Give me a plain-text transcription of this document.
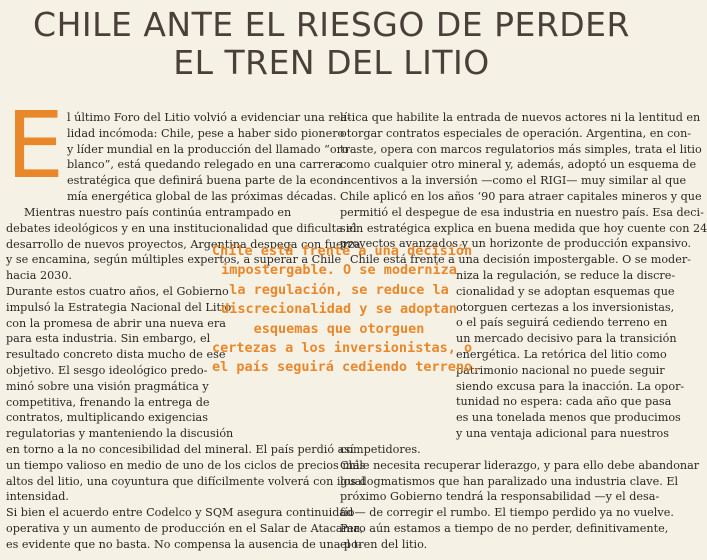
CHILE ANTE EL RIESGO DE PERDER
EL TREN DEL LITIO
E l último Foro del Litio volvió a evidenciar una rea-
lidad incómoda: Chile, pese a haber sido pionero
y líder mundial en la producción del llamado “oro
blanco”, está quedando relegado en una carrera
estratégica que definirá buena parte de la econo-
mía energética global de las próximas décadas.
Mientras nuestro país continúa entrampado en
debates ideológicos y en una institucionalidad que dificulta el
desarrollo de nuevos proyectos, Argentina despega con fuerza
y se encamina, según múltiples expertos, a superar a Chile
hacia 2030.
Durante estos cuatro años, el Gobierno
impulsó la Estrategia Nacional del Litio
con la promesa de abrir una nueva era
para esta industria. Sin embargo, el
resultado concreto dista mucho de ese
objetivo. El sesgo ideológico predo-
minó sobre una visión pragmática y
competitiva, frenando la entrega de
contratos, multiplicando exigencias
regulatorias y manteniendo la discusión
en torno a la no concesibilidad del mineral. El país perdió así
un tiempo valioso en medio de uno de los ciclos de precios más
altos del litio, una coyuntura que difícilmente volverá con igual
intensidad.
Si bien el acuerdo entre Codelco y SQM asegura continuidad
operativa y un aumento de producción en el Salar de Atacama,
es evidente que no basta. No compensa la ausencia de una po-
lítica que habilite la entrada de nuevos actores ni la lentitud en
otorgar contratos especiales de operación. Argentina, en con-
traste, opera con marcos regulatorios más simples, trata el litio
como cualquier otro mineral y, además, adoptó un esquema de
incentivos a la inversión —como el RIGI— muy similar al que
Chile aplicó en los años ‘90 para atraer capitales mineros y que
permitió el despegue de esa industria en nuestro país. Esa deci-
sión estratégica explica en buena medida que hoy cuente con 24
proyectos avanzados y un horizonte de producción expansivo.
Chile está frente a una decisión impostergable. O se moder-
niza la regulación, se reduce la discre-
cionalidad y se adoptan esquemas que
otorguen certezas a los inversionistas,
o el país seguirá cediendo terreno en
un mercado decisivo para la transición
energética. La retórica del litio como
patrimonio nacional no puede seguir
siendo excusa para la inacción. La opor-
tunidad no espera: cada año que pasa
es una tonelada menos que producimos
y una ventaja adicional para nuestros
competidores.
Chile necesita recuperar liderazgo, y para ello debe abandonar
los dogmatismos que han paralizado una industria clave. El
próximo Gobierno tendrá la responsabilidad —y el desa-
fío— de corregir el rumbo. El tiempo perdido ya no vuelve.
Pero aún estamos a tiempo de no perder, definitivamente,
el tren del litio.
Chile está frente a una decisión
impostergable. O se moderniza
la regulación, se reduce la
discrecionalidad y se adoptan
esquemas que otorguen
certezas a los inversionistas, o
el país seguirá cediendo terreno.
